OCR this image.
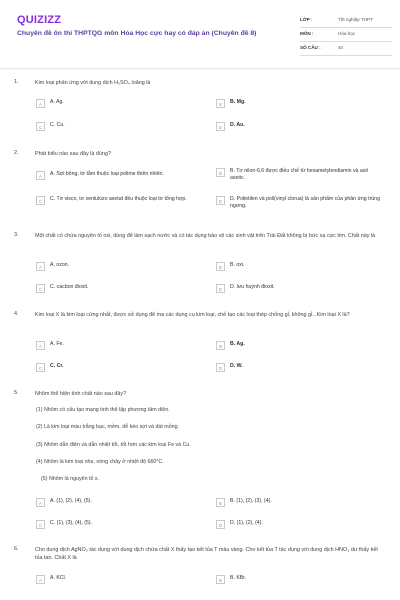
QUIZIZZ
Chuyên đề ôn thi THPTQG môn Hóa Học cực hay có đáp án (Chuyên đề 8)
LỚP :	Tốt nghiệp THPT
MÔN :	Hóa học
SỐ CÂU :	40
1.	Kim loại phản ứng với dung dịch H₂SO₄ loãng là
A	A. Ag.	B	B. Mg.
C	C. Cu.	D	D. Au.
2.	Phát biểu nào sau đây là đúng?
A	A. Sợi bông, tơ tằm thuộc loại polime thiên nhiên.	B	B. Tơ nilon-6,6 được điều chế từ hexametylendiamin và axit axetic.
C	C. Tơ visco, tơ xenlulozo axetat đều thuộc loại tơ tổng hợp.	D	D. Polietilen và poli(vinyl clorua) là sản phẩm của phản ứng trùng ngưng.
3.	Một chất có chứa nguyên tố oxi, dùng để làm sạch nước và có tác dụng bảo vệ các sinh vật trên Trái Đất không bị bức xạ cực tím. Chất này là
A	A. ozon.	B	B. oxi.
C	C. cacbon đioxit.	D	D. lưu huỳnh đioxit.
4.	Kim loại X là kim loại cứng nhất, được sử dụng để mạ các dụng cụ kim loại, chế tạo các loại thép chống gỉ, không gỉ...Kim loại X là?
A	A. Fe.	B	B. Ag.
C	C. Cr.	D	D. W.
5.	Nhôm thể hiện tính chất nào sau đây?
(1) Nhôm có cấu tạo mạng tinh thể lập phương tâm diện.
(2) Là kim loại màu trắng bạc, mềm, dễ kéo sợi và dát mỏng.
(3) Nhôm dẫn điện và dẫn nhiệt tốt, tốt hơn các kim loại Fe và Cu.
(4) Nhôm là kim loại nhẹ, nóng chảy ở nhiệt độ 660°C.
(5) Nhôm là nguyên tố s.
A	A. (1), (2), (4), (5).	B	B. (1), (2), (3), (4).
C	C. (1), (3), (4), (5).	D	D. (1), (2), (4).
6.	Cho dung dịch AgNO₃ tác dụng với dung dịch chứa chất X thấy tạo kết tủa T màu vàng. Cho kết tủa T tác dụng với dung dịch HNO₃ dư thấy kết tủa tan. Chất X là
A	A. KCl.	B	B. KBr.
